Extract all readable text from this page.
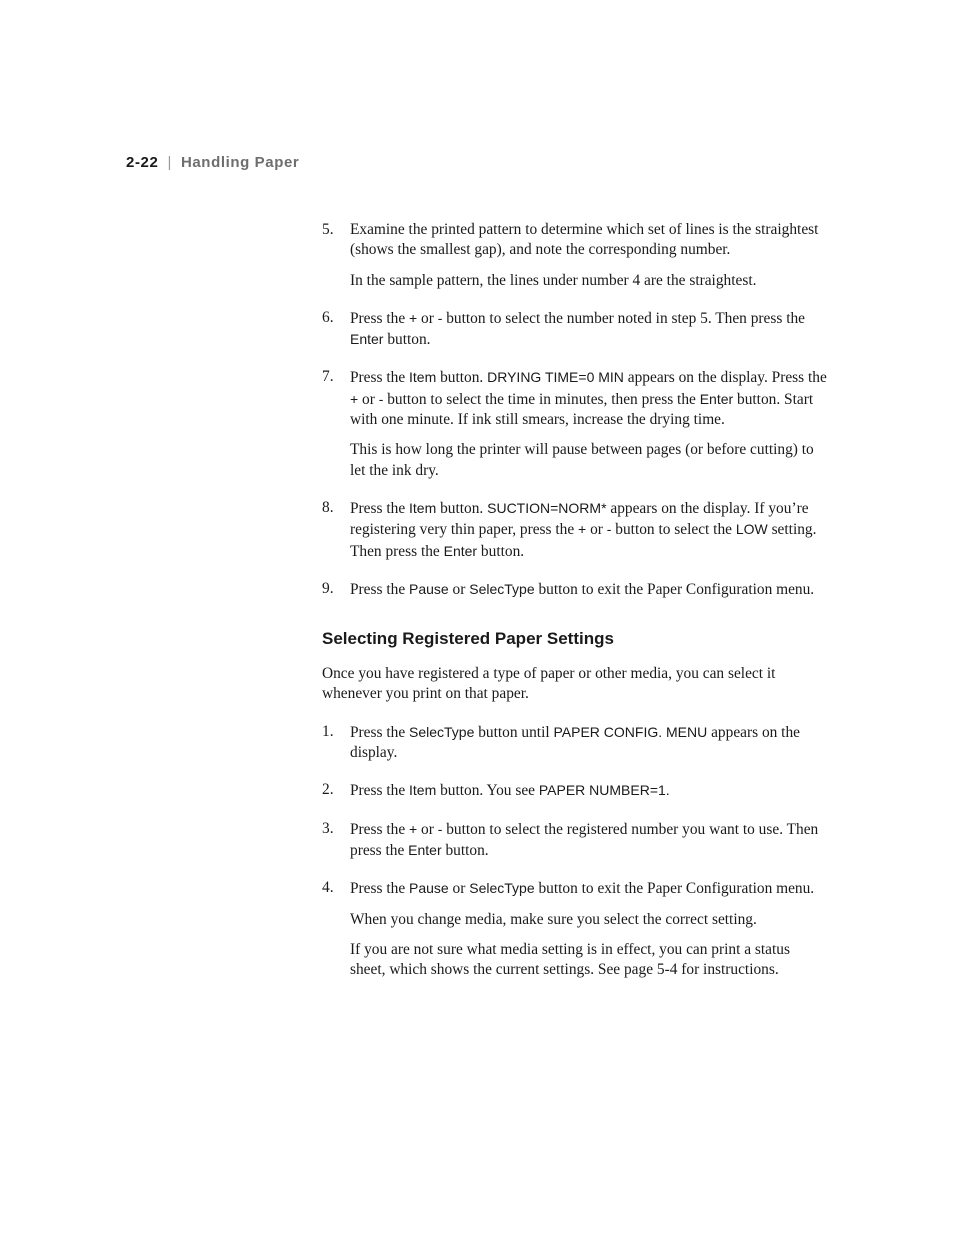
2-22 | Handling Paper
5. Examine the printed pattern to determine which set of lines is the straightest (shows the smallest gap), and note the corresponding number.

In the sample pattern, the lines under number 4 are the straightest.

6. Press the + or - button to select the number noted in step 5. Then press the Enter button.

7. Press the Item button. DRYING TIME=0 MIN appears on the display. Press the + or - button to select the time in minutes, then press the Enter button. Start with one minute. If ink still smears, increase the drying time.

This is how long the printer will pause between pages (or before cutting) to let the ink dry.

8. Press the Item button. SUCTION=NORM* appears on the display. If you’re registering very thin paper, press the + or - button to select the LOW setting. Then press the Enter button.

9. Press the Pause or SelecType button to exit the Paper Configuration menu.

Selecting Registered Paper Settings

Once you have registered a type of paper or other media, you can select it whenever you print on that paper.

1. Press the SelecType button until PAPER CONFIG. MENU appears on the display.

2. Press the Item button. You see PAPER NUMBER=1.

3. Press the + or - button to select the registered number you want to use. Then press the Enter button.

4. Press the Pause or SelecType button to exit the Paper Configuration menu.

When you change media, make sure you select the correct setting.

If you are not sure what media setting is in effect, you can print a status sheet, which shows the current settings. See page 5-4 for instructions.
